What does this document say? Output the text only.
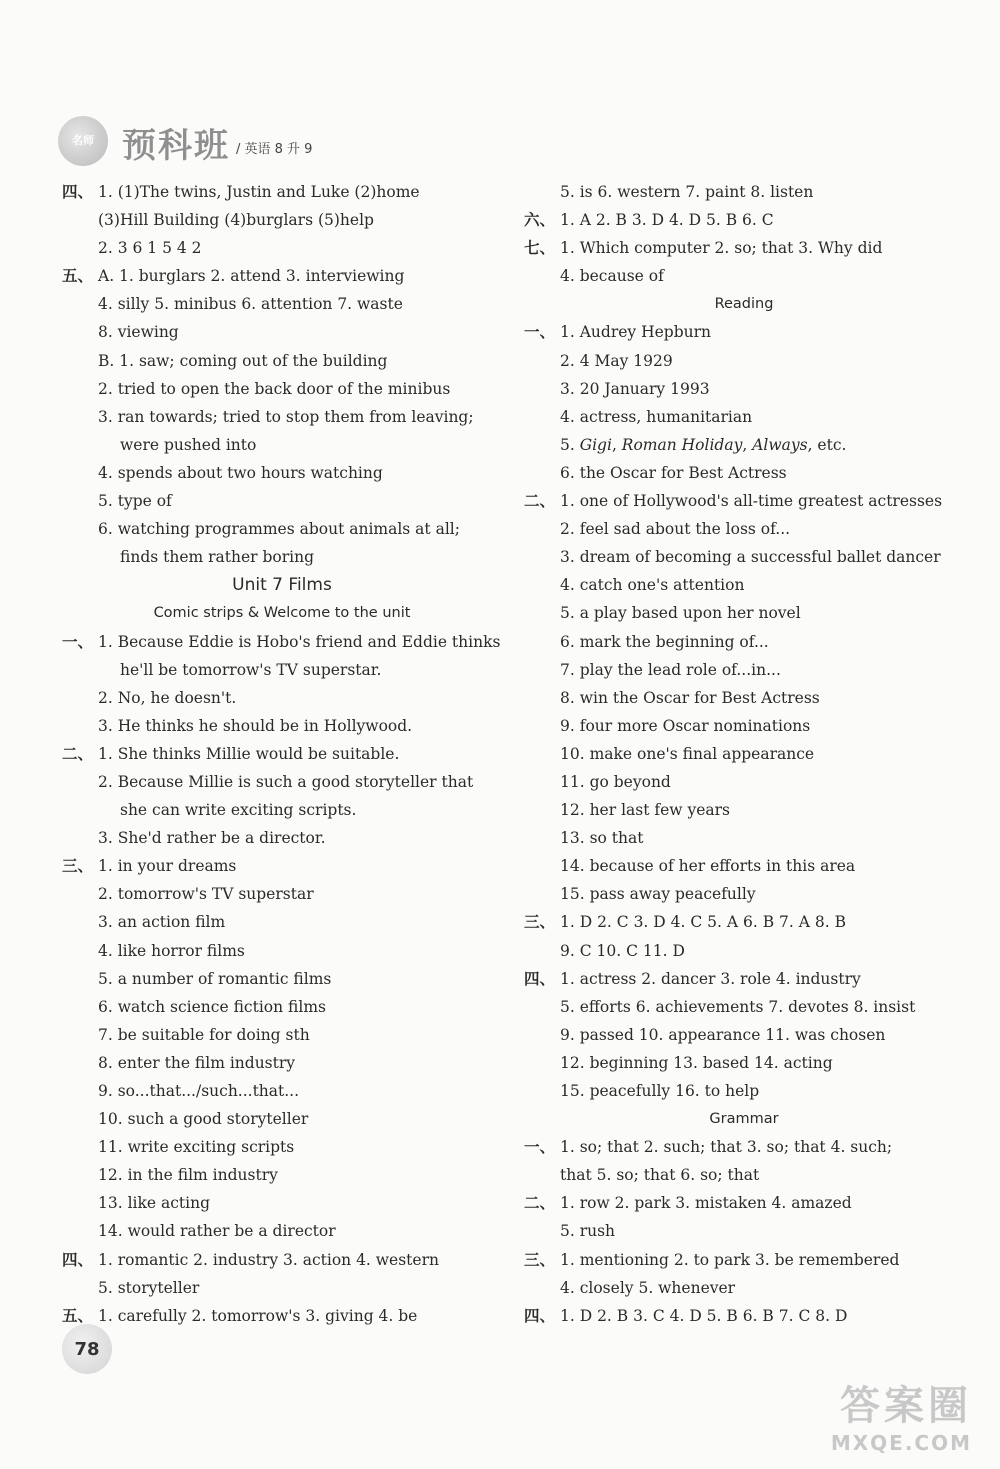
名师 预科班 / 英语 8 升 9
四、 1. (1)The twins, Justin and Luke (2)home
(3)Hill Building (4)burglars (5)help
2. 3 6 1 5 4 2
五、 A. 1. burglars 2. attend 3. interviewing
4. silly 5. minibus 6. attention 7. waste
8. viewing
B. 1. saw; coming out of the building
2. tried to open the back door of the minibus
3. ran towards; tried to stop them from leaving;
were pushed into
4. spends about two hours watching
5. type of
6. watching programmes about animals at all;
finds them rather boring
Unit 7 Films
Comic strips & Welcome to the unit
一、 1. Because Eddie is Hobo's friend and Eddie thinks
he'll be tomorrow's TV superstar.
2. No, he doesn't.
3. He thinks he should be in Hollywood.
二、 1. She thinks Millie would be suitable.
2. Because Millie is such a good storyteller that
she can write exciting scripts.
3. She'd rather be a director.
三、 1. in your dreams
2. tomorrow's TV superstar
3. an action film
4. like horror films
5. a number of romantic films
6. watch science fiction films
7. be suitable for doing sth
8. enter the film industry
9. so...that.../such...that...
10. such a good storyteller
11. write exciting scripts
12. in the film industry
13. like acting
14. would rather be a director
四、 1. romantic 2. industry 3. action 4. western
5. storyteller
五、 1. carefully 2. tomorrow's 3. giving 4. be
5. is 6. western 7. paint 8. listen
六、 1. A 2. B 3. D 4. D 5. B 6. C
七、 1. Which computer 2. so; that 3. Why did
4. because of
Reading
一、 1. Audrey Hepburn
2. 4 May 1929
3. 20 January 1993
4. actress, humanitarian
5. Gigi, Roman Holiday, Always, etc.
6. the Oscar for Best Actress
二、 1. one of Hollywood's all-time greatest actresses
2. feel sad about the loss of...
3. dream of becoming a successful ballet dancer
4. catch one's attention
5. a play based upon her novel
6. mark the beginning of...
7. play the lead role of...in...
8. win the Oscar for Best Actress
9. four more Oscar nominations
10. make one's final appearance
11. go beyond
12. her last few years
13. so that
14. because of her efforts in this area
15. pass away peacefully
三、 1. D 2. C 3. D 4. C 5. A 6. B 7. A 8. B
9. C 10. C 11. D
四、 1. actress 2. dancer 3. role 4. industry
5. efforts 6. achievements 7. devotes 8. insist
9. passed 10. appearance 11. was chosen
12. beginning 13. based 14. acting
15. peacefully 16. to help
Grammar
一、 1. so; that 2. such; that 3. so; that 4. such;
that 5. so; that 6. so; that
二、 1. row 2. park 3. mistaken 4. amazed
5. rush
三、 1. mentioning 2. to park 3. be remembered
4. closely 5. whenever
四、 1. D 2. B 3. C 4. D 5. B 6. B 7. C 8. D
78
答案圈
MXQE.COM
